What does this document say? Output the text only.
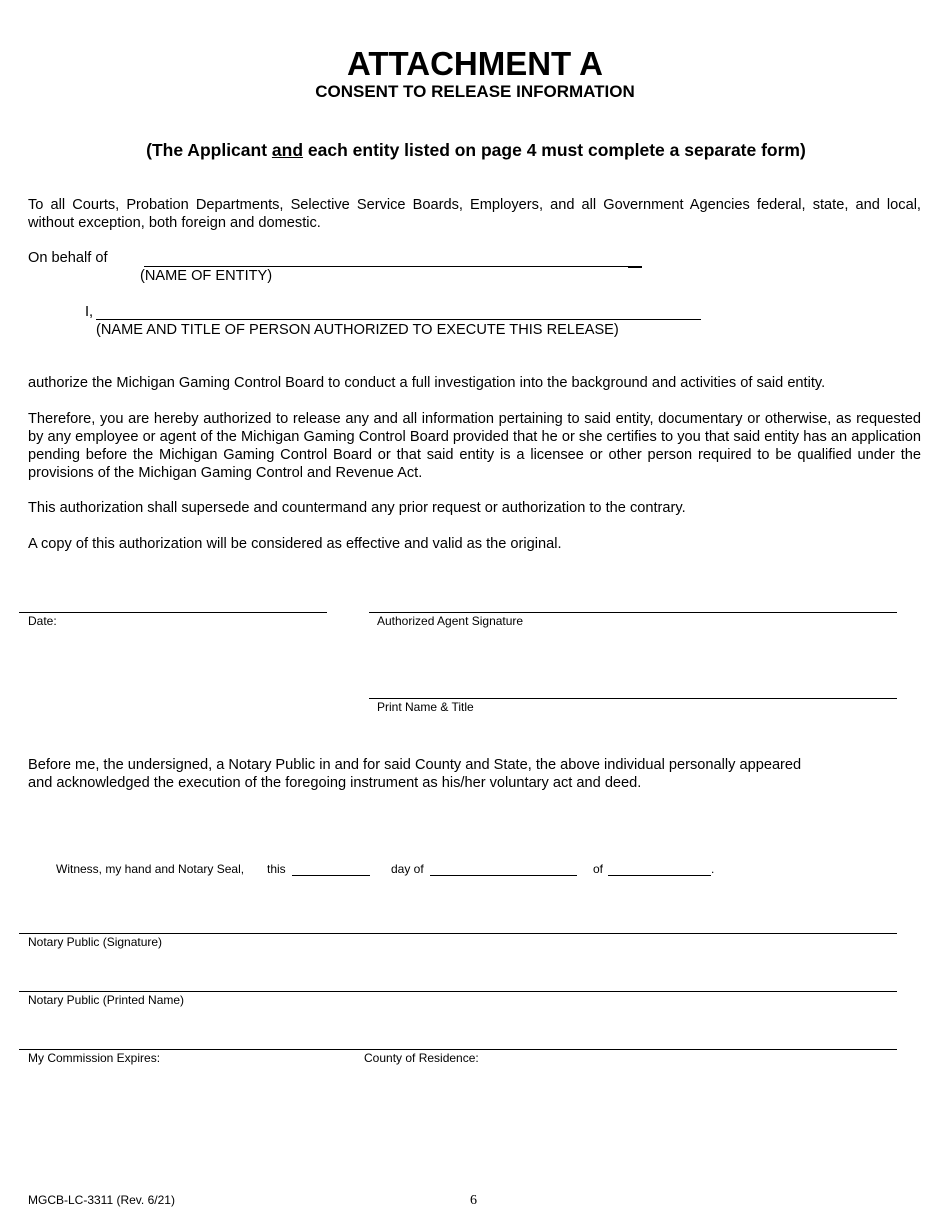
ATTACHMENT A
CONSENT TO RELEASE INFORMATION
(The Applicant and each entity listed on page 4 must complete a separate form)
To all Courts, Probation Departments, Selective Service Boards, Employers, and all Government Agencies federal, state, and local, without exception, both foreign and domestic.
On behalf of
(NAME OF ENTITY)
I,
(NAME AND TITLE OF PERSON AUTHORIZED TO EXECUTE THIS RELEASE)
authorize the Michigan Gaming Control Board to conduct a full investigation into the background and activities of said entity.
Therefore, you are hereby authorized to release any and all information pertaining to said entity, documentary or otherwise, as requested by any employee or agent of the Michigan Gaming Control Board provided that he or she certifies to you that said entity has an application pending before the Michigan Gaming Control Board or that said entity is a licensee or other person required to be qualified under the provisions of the Michigan Gaming Control and Revenue Act.
This authorization shall supersede and countermand any prior request or authorization to the contrary.
A copy of this authorization will be considered as effective and valid as the original.
Date:	Authorized Agent Signature
Print Name & Title
Before me, the undersigned, a Notary Public in and for said County and State, the above individual personally appeared
and acknowledged the execution of the foregoing instrument as his/her voluntary act and deed.
Witness, my hand and Notary Seal, this	day of	of	.
Notary Public (Signature)
Notary Public (Printed Name)
My Commission Expires:	County of Residence:
MGCB-LC-3311 (Rev. 6/21)	6
